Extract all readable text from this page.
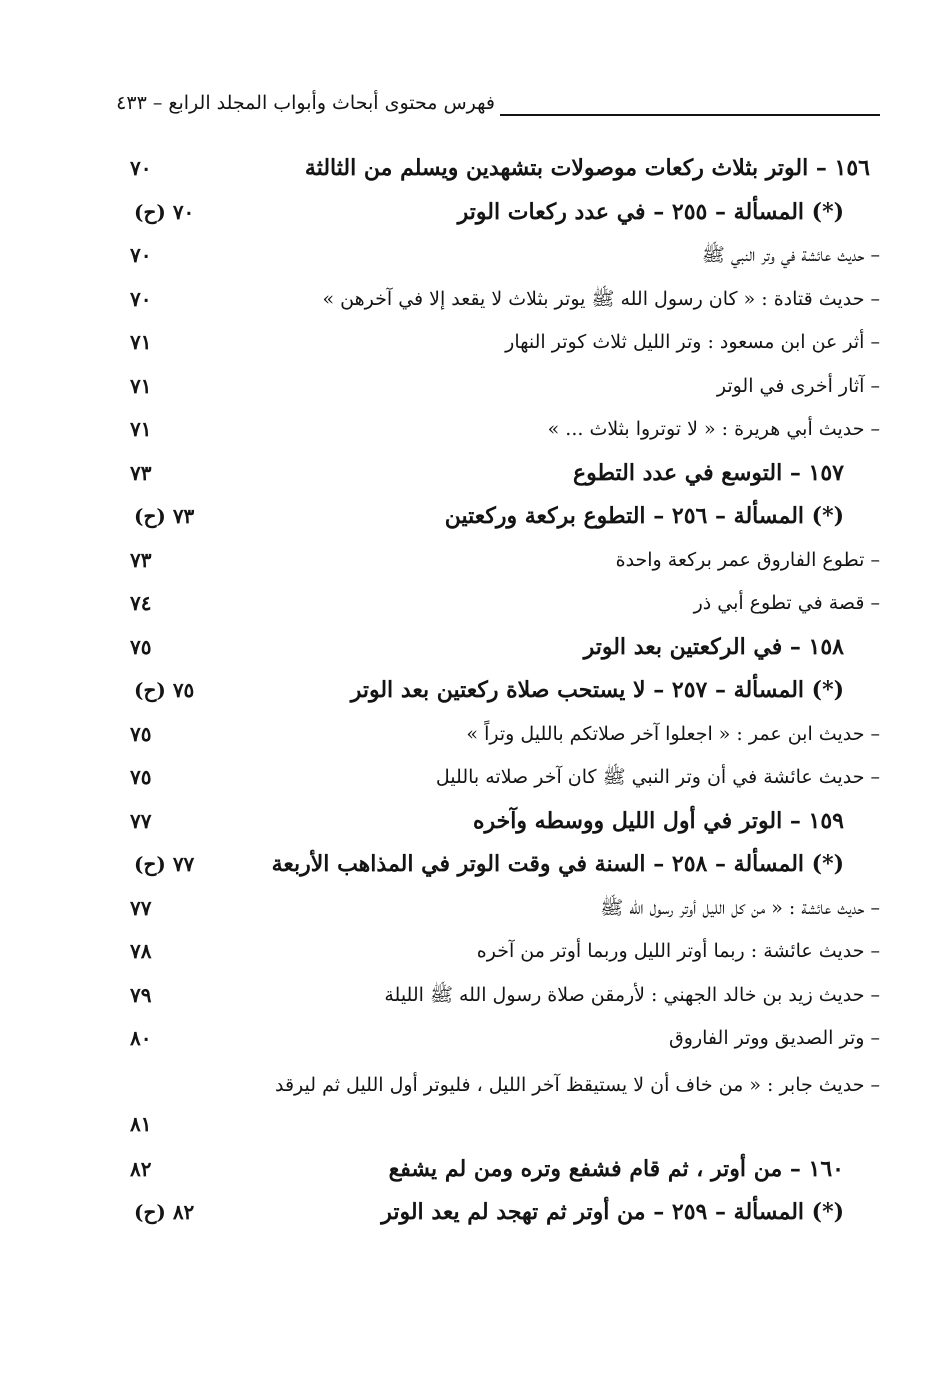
فهرس محتوى أبحاث وأبواب المجلد الرابع – ٤٣٣
١٥٦ – الوتر بثلاث ركعات موصولات بتشهدين ويسلم من الثالثة
٧٠
(*) المسألة – ٢٥٥ – في عدد ركعات الوتر
٧٠ (ح)
– حديث عائشة في وتر النبي ﷺ
٧٠
– حديث قتادة : « كان رسول الله ﷺ يوتر بثلاث لا يقعد إلا في آخرهن »
٧٠
– أثر عن ابن مسعود : وتر الليل ثلاث كوتر النهار
٧١
– آثار أخرى في الوتر
٧١
– حديث أبي هريرة : « لا توتروا بثلاث ... »
٧١
١٥٧ – التوسع في عدد التطوع
٧٣
(*) المسألة – ٢٥٦ – التطوع بركعة وركعتين
٧٣ (ح)
– تطوع الفاروق عمر بركعة واحدة
٧٣
– قصة في تطوع أبي ذر
٧٤
١٥٨ – في الركعتين بعد الوتر
٧٥
(*) المسألة – ٢٥٧ – لا يستحب صلاة ركعتين بعد الوتر
٧٥ (ح)
– حديث ابن عمر : « اجعلوا آخر صلاتكم بالليل وتراً »
٧٥
– حديث عائشة في أن وتر النبي ﷺ كان آخر صلاته بالليل
٧٥
١٥٩ – الوتر في أول الليل ووسطه وآخره
٧٧
(*) المسألة – ٢٥٨ – السنة في وقت الوتر في المذاهب الأربعة
٧٧ (ح)
– حديث عائشة : « من كل الليل أوتر رسول الله ﷺ
٧٧
– حديث عائشة : ربما أوتر الليل وربما أوتر من آخره
٧٨
– حديث زيد بن خالد الجهني : لأرمقن صلاة رسول الله ﷺ الليلة
٧٩
– وتر الصديق ووتر الفاروق
٨٠
– حديث جابر : « من خاف أن لا يستيقظ آخر الليل ، فليوتر أول الليل ثم ليرقد
٨١
١٦٠ – من أوتر ، ثم قام فشفع وتره ومن لم يشفع
٨٢
(*) المسألة – ٢٥٩ – من أوتر ثم تهجد لم يعد الوتر
٨٢ (ح)
